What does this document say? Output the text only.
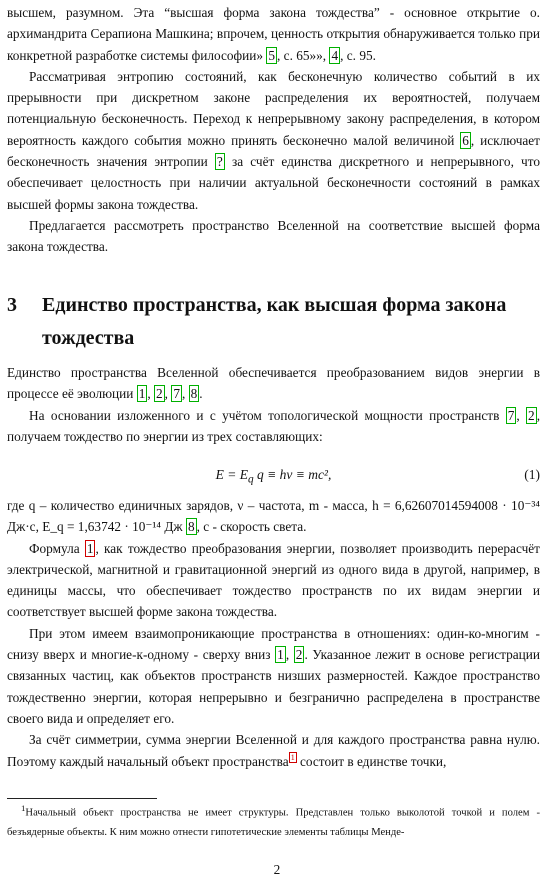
высшем, разумном. Эта “высшая форма закона тождества” - основное открытие о. архимандрита Серапиона Машкина; впрочем, ценность открытия обнаруживается только при конкретной разработке системы философии» 5 , с. 65»», 4 , с. 95.

Рассматривая энтропию состояний, как бесконечную количество событий в их прерывности при дискретном законе распределения их вероятностей, получаем потенциальную бесконечность. Переход к непрерывному закону распределения, в котором вероятность каждого события можно принять бесконечно малой величиной 6 , исключает бесконечность значения энтропии ? за счёт единства дискретного и непрерывного, что обеспечивает целостность при наличии актуальной бесконечности состояний в рамках высшей формы закона тождества.

Предлагается рассмотреть пространство Вселенной на соответствие высшей форма закона тождества.

3 Единство пространства, как высшая форма закона тождества

Единство пространства Вселенной обеспечивается преобразованием видов энергии в процессе её эволюции 1 , 2 , 7 , 8 .

На основании изложенного и с учётом топологической мощности пространств 7 , 2 , получаем тождество по энергии из трех составляющих:

$E = E_q$ q ≡ hν ≡ mc²,	(1)

где q – количество единичных зарядов, ν – частота, m - масса, h = 6,62607014594008 · 10⁻³⁴ Дж·с, E_q = 1,63742 · 10⁻¹⁴ Дж 8 , c - скорость света.

Формула 1 , как тождество преобразования энергии, позволяет производить перерасчёт электрической, магнитной и гравитационной энергий из одного вида в другой, например, в единицы массы, что обеспечивает тождество пространств по их видам энергии и соответствует высшей форме закона тождества.

При этом имеем взаимопроникающие пространства в отношениях: один-ко-многим - снизу вверх и многие-к-одному - сверху вниз 1 , 2 . Указанное лежит в основе регистрации связанных частиц, как объектов пространств низших размерностей. Каждое пространство тождественно энергии, которая непрерывно и безгранично распределена в пространстве своего вида и определяет его.

За счёт симметрии, сумма энергии Вселенной и для каждого пространства равна нулю. Поэтому каждый начальный объект пространства $^1$ состоит в единстве точки,

$^1$Начальный объект пространства не имеет структуры. Представлен только выколотой точкой и полем - безъядерные объекты. К ним можно отнести гипотетические элементы таблицы Менде-
2
